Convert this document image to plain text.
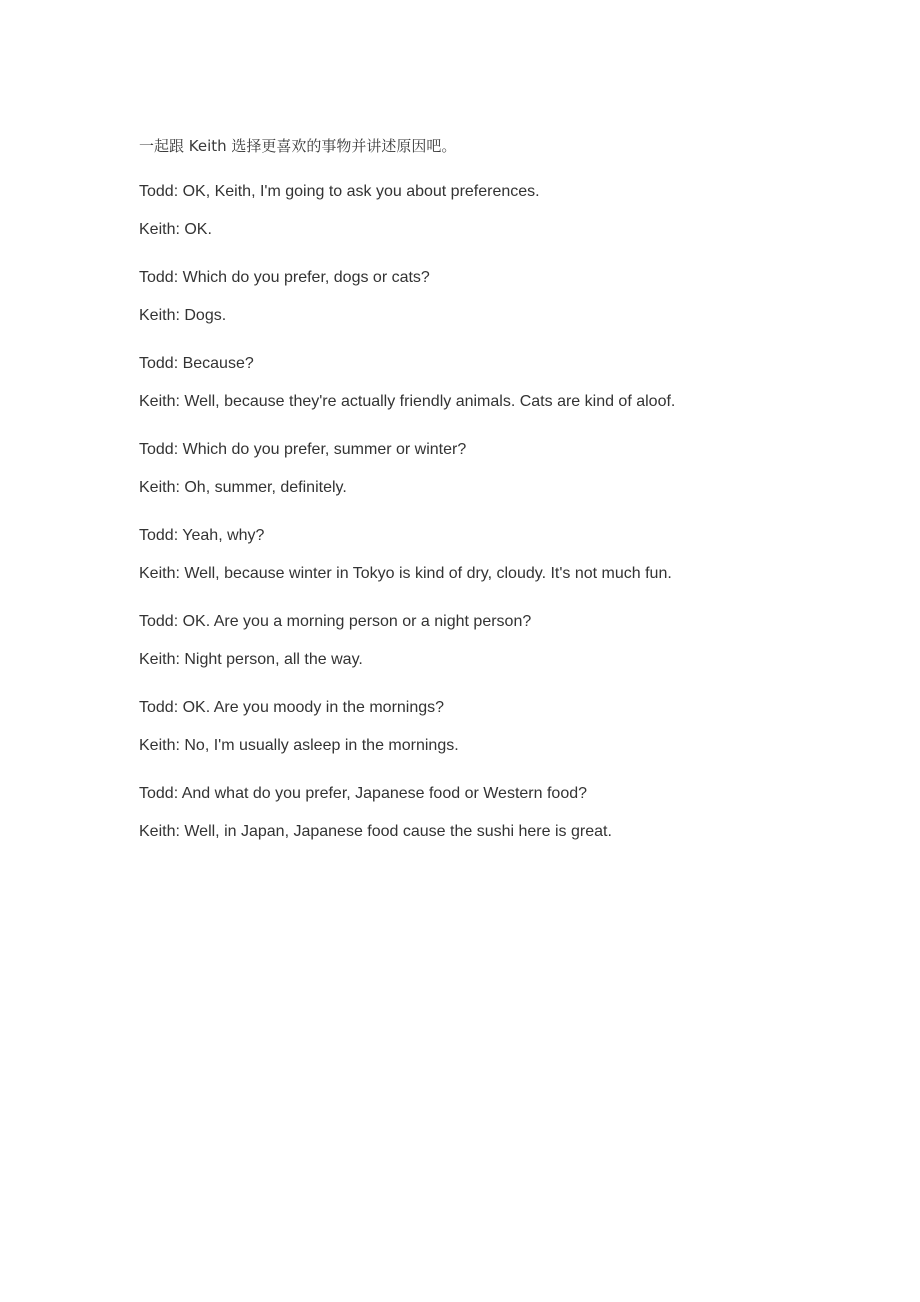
一起跟 Keith 选择更喜欢的事物并讲述原因吧。

Todd: OK, Keith, I'm going to ask you about preferences.

Keith: OK.

Todd: Which do you prefer, dogs or cats?

Keith: Dogs.

Todd: Because?

Keith: Well, because they're actually friendly animals. Cats are kind of aloof.

Todd: Which do you prefer, summer or winter?

Keith: Oh, summer, definitely.

Todd: Yeah, why?

Keith: Well, because winter in Tokyo is kind of dry, cloudy. It's not much fun.

Todd: OK. Are you a morning person or a night person?

Keith: Night person, all the way.

Todd: OK. Are you moody in the mornings?

Keith: No, I'm usually asleep in the mornings.

Todd: And what do you prefer, Japanese food or Western food?

Keith: Well, in Japan, Japanese food cause the sushi here is great.
